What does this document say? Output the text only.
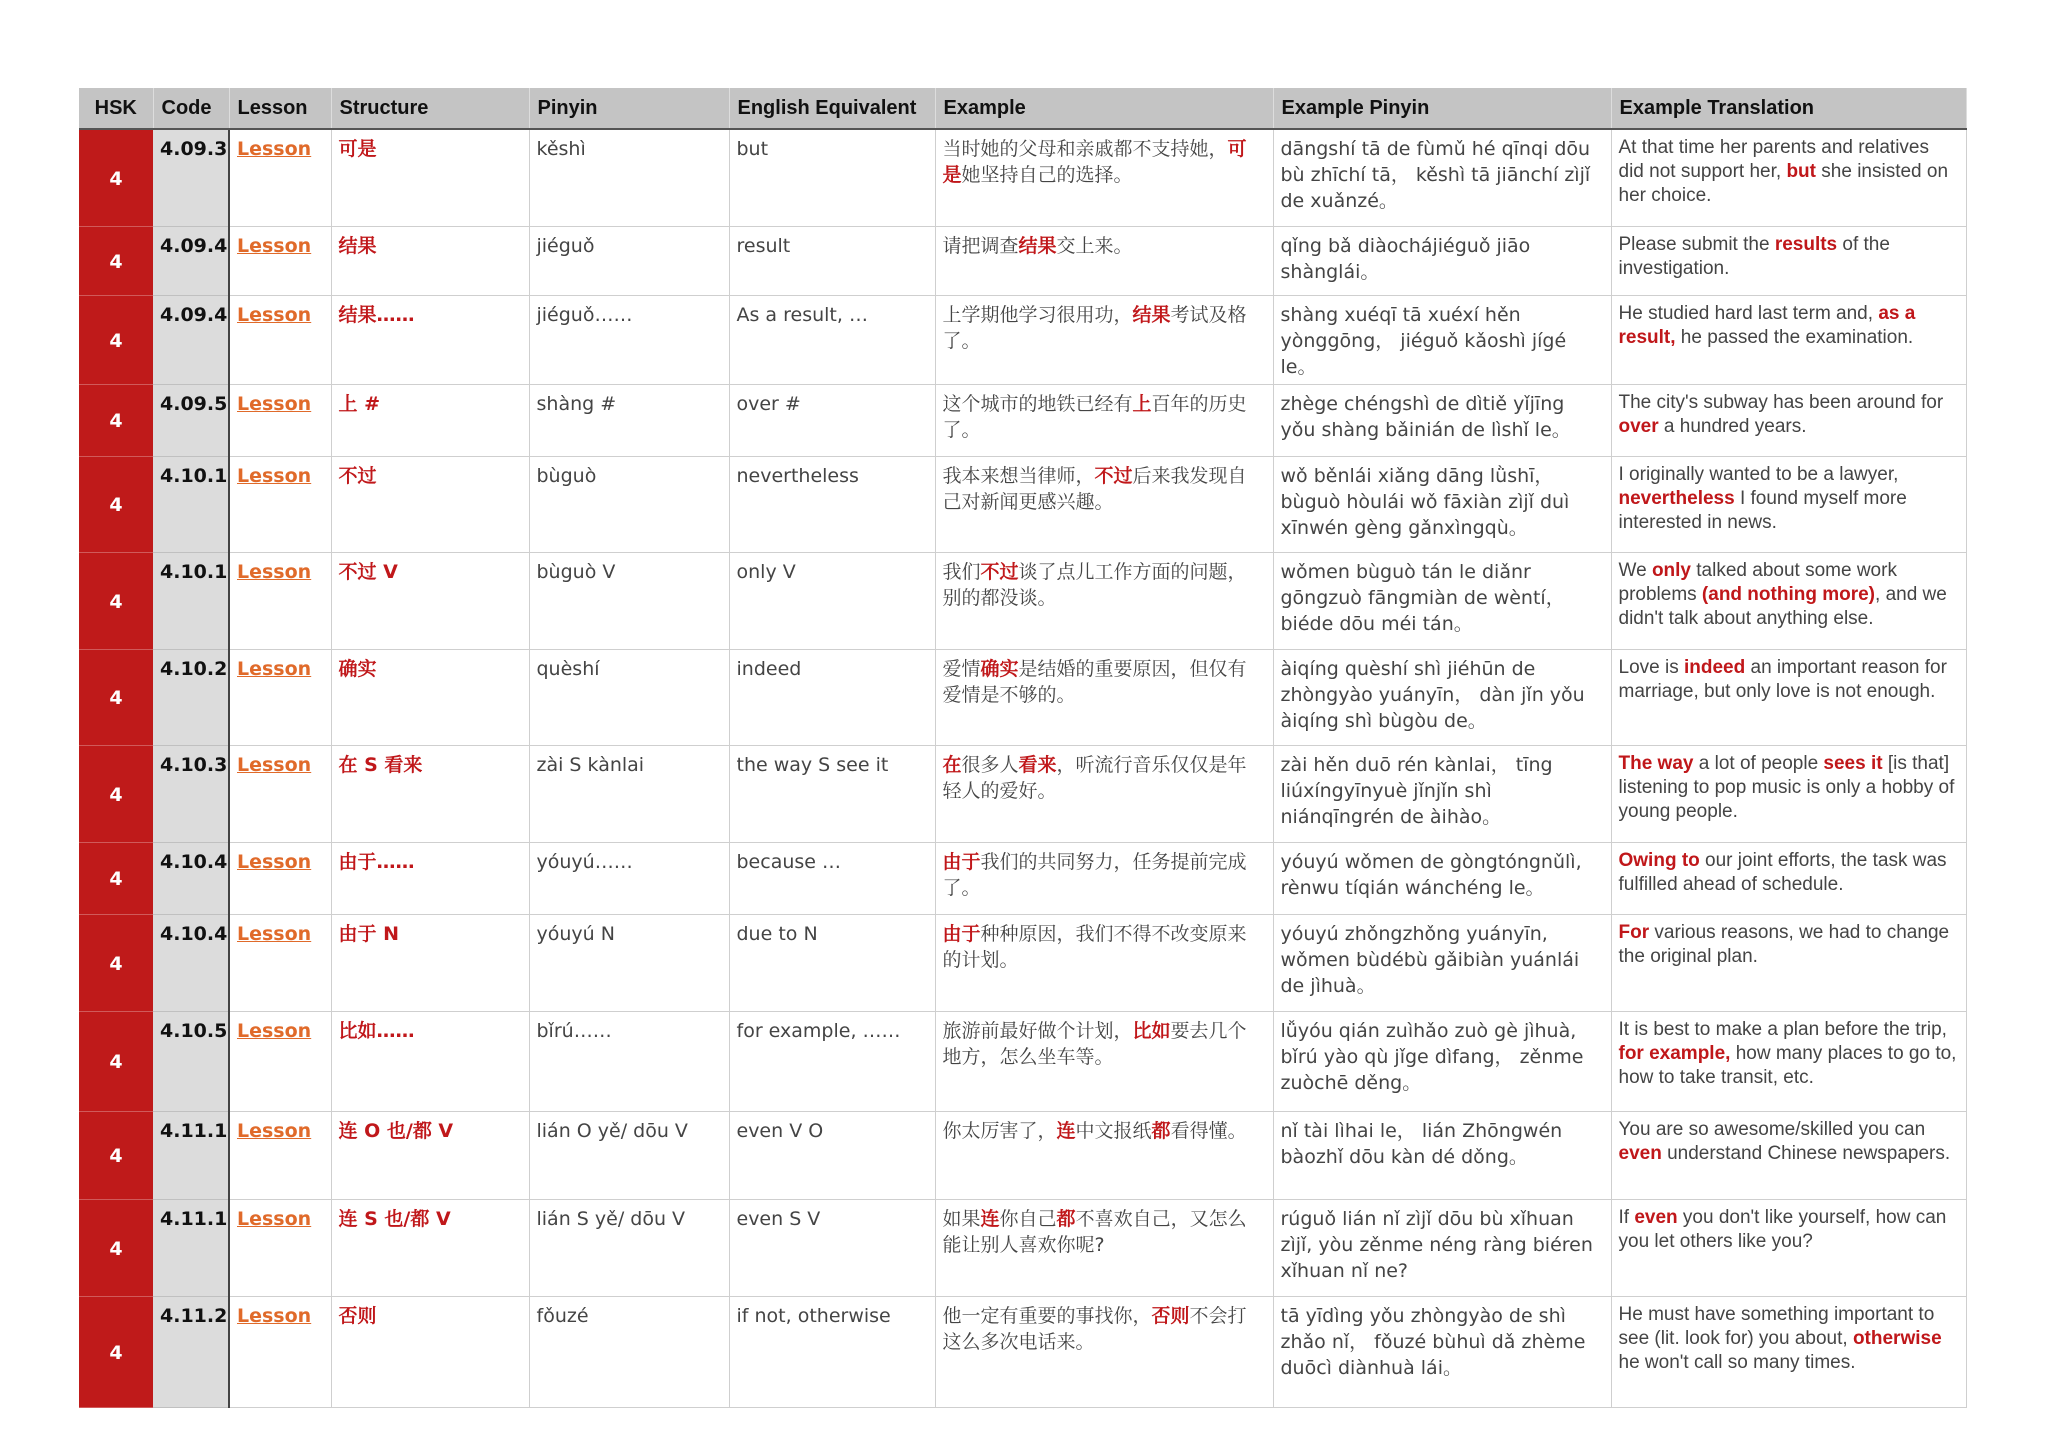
HSK	Code	Lesson	Structure	Pinyin	English Equivalent	Example	Example Pinyin	Example Translation
4	4.09.3	Lesson	可是	kěshì	but	当时她的父母和亲戚都不支持她，可是她坚持自己的选择。	dāngshí tā de fùmǔ hé qīnqi dōu bù zhīchí tā， kěshì tā jiānchí zìjǐ de xuǎnzé。	At that time her parents and relatives did not support her, but she insisted on her choice.
4	4.09.4	Lesson	结果	jiéguǒ	result	请把调查结果交上来。	qǐng bǎ diàochájiéguǒ jiāo shànglái。	Please submit the results of the investigation.
4	4.09.4	Lesson	结果……	jiéguǒ……	As a result, …	上学期他学习很用功，结果考试及格了。	shàng xuéqī tā xuéxí hěn yònggōng， jiéguǒ kǎoshì jígé le。	He studied hard last term and, as a result, he passed the examination.
4	4.09.5	Lesson	上 #	shàng #	over #	这个城市的地铁已经有上百年的历史了。	zhège chéngshì de dìtiě yǐjīng yǒu shàng bǎinián de lìshǐ le。	The city's subway has been around for over a hundred years.
4	4.10.1	Lesson	不过	bùguò	nevertheless	我本来想当律师，不过后来我发现自己对新闻更感兴趣。	wǒ běnlái xiǎng dāng lǜshī， bùguò hòulái wǒ fāxiàn zìjǐ duì xīnwén gèng gǎnxìngqù。	I originally wanted to be a lawyer, nevertheless I found myself more interested in news.
4	4.10.1	Lesson	不过 V	bùguò V	only V	我们不过谈了点儿工作方面的问题，别的都没谈。	wǒmen bùguò tán le diǎnr gōngzuò fāngmiàn de wèntí， biéde dōu méi tán。	We only talked about some work problems (and nothing more), and we didn't talk about anything else.
4	4.10.2	Lesson	确实	quèshí	indeed	爱情确实是结婚的重要原因，但仅有爱情是不够的。	àiqíng quèshí shì jiéhūn de zhòngyào yuányīn， dàn jǐn yǒu àiqíng shì bùgòu de。	Love is indeed an important reason for marriage, but only love is not enough.
4	4.10.3	Lesson	在 S 看来	zài S kànlai	the way S see it	在很多人看来，听流行音乐仅仅是年轻人的爱好。	zài hěn duō rén kànlai， tīng liúxíngyīnyuè jǐnjǐn shì niánqīngrén de àihào。	The way a lot of people sees it [is that] listening to pop music is only a hobby of young people.
4	4.10.4	Lesson	由于……	yóuyú……	because …	由于我们的共同努力，任务提前完成了。	yóuyú wǒmen de gòngtóngnǔlì, rènwu tíqián wánchéng le。	Owing to our joint efforts, the task was fulfilled ahead of schedule.
4	4.10.4	Lesson	由于 N	yóuyú N	due to N	由于种种原因，我们不得不改变原来的计划。	yóuyú zhǒngzhǒng yuányīn, wǒmen bùdébù gǎibiàn yuánlái de jìhuà。	For various reasons, we had to change the original plan.
4	4.10.5	Lesson	比如……	bǐrú……	for example, ……	旅游前最好做个计划，比如要去几个地方，怎么坐车等。	lǚyóu qián zuìhǎo zuò gè jìhuà, bǐrú yào qù jǐge dìfang， zěnme zuòchē děng。	It is best to make a plan before the trip, for example, how many places to go to, how to take transit, etc.
4	4.11.1	Lesson	连 O 也/都 V	lián O yě/ dōu V	even V O	你太厉害了，连中文报纸都看得懂。	nǐ tài lìhai le， lián Zhōngwén bàozhǐ dōu kàn dé dǒng。	You are so awesome/skilled you can even understand Chinese newspapers.
4	4.11.1	Lesson	连 S 也/都 V	lián S yě/ dōu V	even S V	如果连你自己都不喜欢自己，又怎么能让别人喜欢你呢?	rúguǒ lián nǐ zìjǐ dōu bù xǐhuan zìjǐ, yòu zěnme néng ràng biéren xǐhuan nǐ ne?	If even you don't like yourself, how can you let others like you?
4	4.11.2	Lesson	否则	fǒuzé	if not, otherwise	他一定有重要的事找你，否则不会打这么多次电话来。	tā yīdìng yǒu zhòngyào de shì zhǎo nǐ， fǒuzé bùhuì dǎ zhème duōcì diànhuà lái。	He must have something important to see (lit. look for) you about, otherwise he won't call so many times.
